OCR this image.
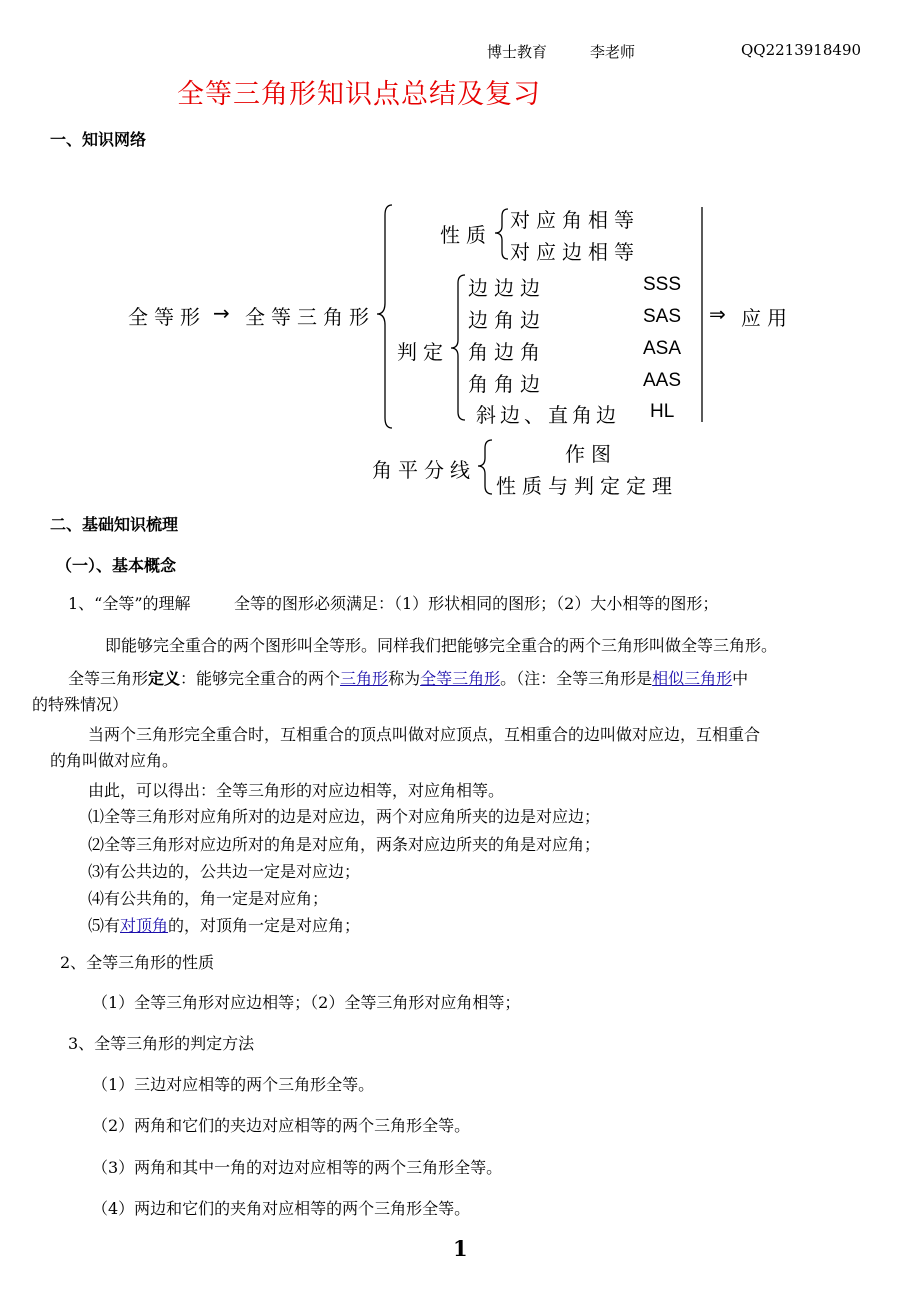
博士教育	李老师	QQ2213918490
全等三角形知识点总结及复习
一、知识网络
全等形 → 全等三角形
性质
对应角相等
对应边相等
判定
边边边	SSS
边角边	SAS
角边角	ASA
角角边	AAS
斜边、直角边 HL
⇒ 应用
角平分线
作图
性质与判定定理
二、基础知识梳理
（一）、基本概念
1、“全等”的理解	全等的图形必须满足：（1）形状相同的图形；（2）大小相等的图形；
即能够完全重合的两个图形叫全等形。同样我们把能够完全重合的两个三角形叫做全等三角形。
全等三角形定义：能够完全重合的两个三角形称为全等三角形。（注：全等三角形是相似三角形中
的特殊情况）
当两个三角形完全重合时，互相重合的顶点叫做对应顶点，互相重合的边叫做对应边，互相重合
的角叫做对应角。
由此，可以得出：全等三角形的对应边相等，对应角相等。
⑴全等三角形对应角所对的边是对应边，两个对应角所夹的边是对应边；
⑵全等三角形对应边所对的角是对应角，两条对应边所夹的角是对应角；
⑶有公共边的，公共边一定是对应边；
⑷有公共角的，角一定是对应角；
⑸有对顶角的，对顶角一定是对应角；
2、全等三角形的性质
（1）全等三角形对应边相等；（2）全等三角形对应角相等；
3、全等三角形的判定方法
（1）三边对应相等的两个三角形全等。
（2）两角和它们的夹边对应相等的两个三角形全等。
（3）两角和其中一角的对边对应相等的两个三角形全等。
（4）两边和它们的夹角对应相等的两个三角形全等。
1
